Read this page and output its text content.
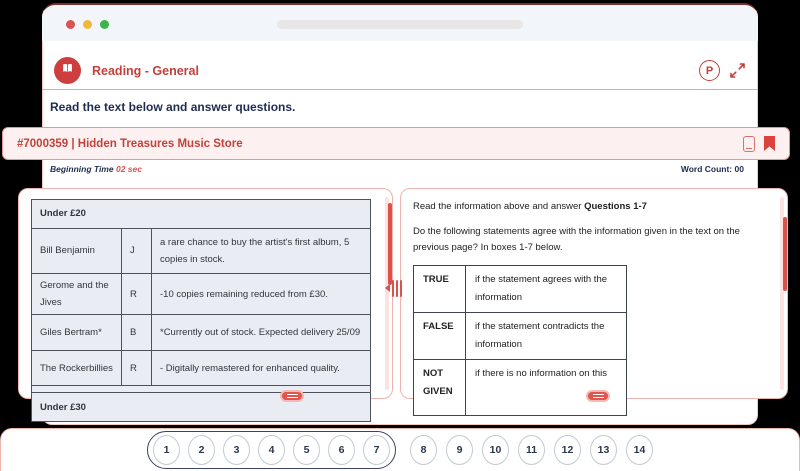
Reading - General	P
Read the text below and answer questions.
#7000359 | Hidden Treasures Music Store
Beginning Time 02 sec	Word Count: 00
Under £20		
Bill Benjamin	J	a rare chance to buy the artist's first album, 5 copies in stock.
Gerome and the Jives	R	-10 copies remaining reduced from £30.
Giles Bertram*	B	*Currently out of stock. Expected delivery 25/09
The Rockerbillies	R	- Digitally remastered for enhanced quality.

Under £30		

Read the information above and answer Questions 1-7

Do the following statements agree with the information given in the text on the previous page? In boxes 1-7 below.

TRUE	if the statement agrees with the information
FALSE	if the statement contradicts the information
NOT GIVEN	if there is no information on this
1	2	3	4	5	6	7	8	9	10	11	12	13	14
